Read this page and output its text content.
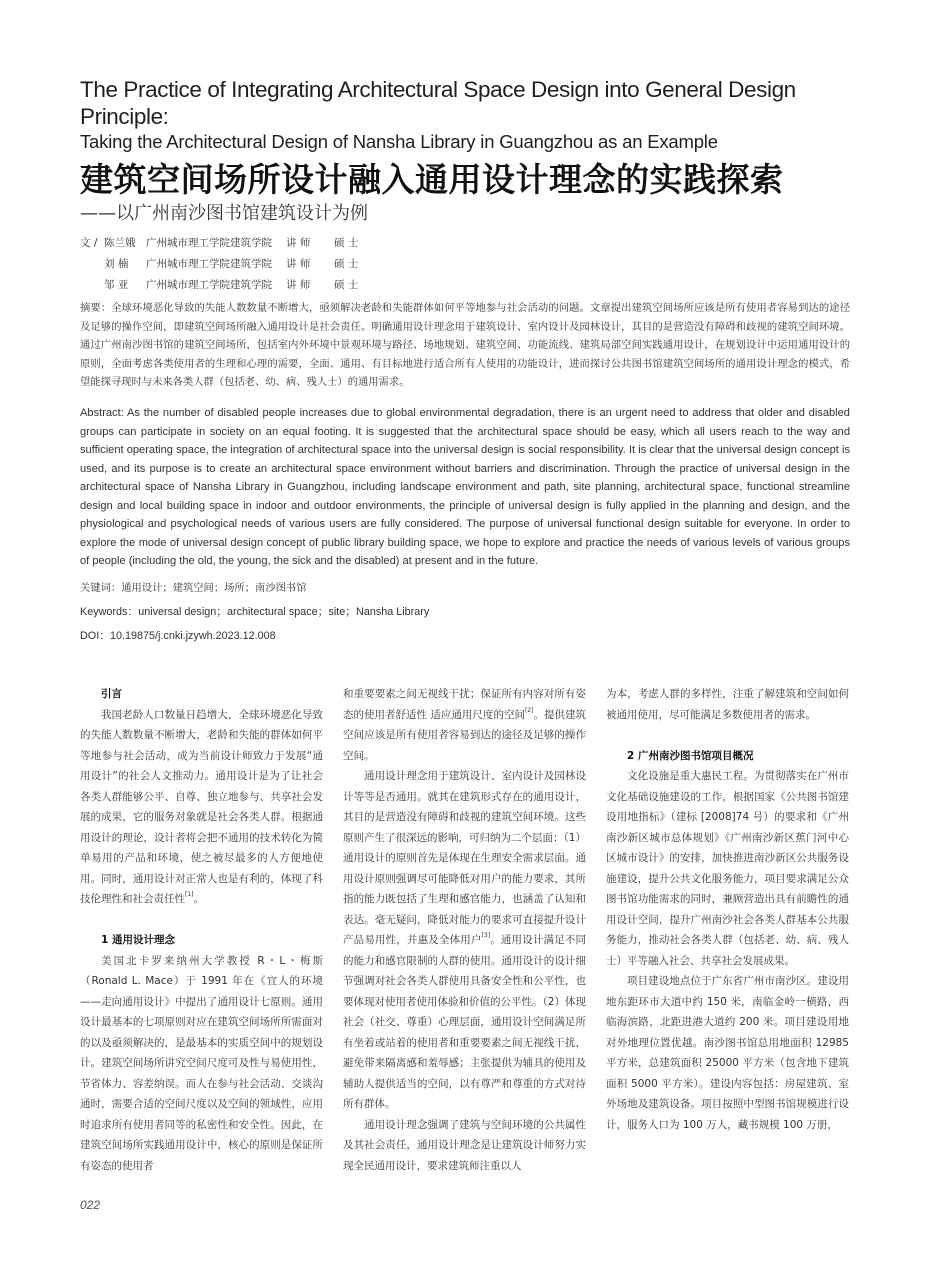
The Practice of Integrating Architectural Space Design into General Design Principle:
Taking the Architectural Design of Nansha Library in Guangzhou as an Example
建筑空间场所设计融入通用设计理念的实践探索
——以广州南沙图书馆建筑设计为例
文 / 陈兰娥	广州城市理工学院建筑学院	讲 师	硕 士
刘 楠	广州城市理工学院建筑学院	讲 师	硕 士
邹 亚	广州城市理工学院建筑学院	讲 师	硕 士
摘要：全球环境恶化导致的失能人数数量不断增大，亟须解决老龄和失能群体如何平等地参与社会活动的问题。文章提出建筑空间场所应该是所有使用者容易到达的途径及足够的操作空间，即建筑空间场所融入通用设计是社会责任。明确通用设计理念用于建筑设计、室内设计及园林设计，其目的是营造没有障碍和歧视的建筑空间环境。通过广州南沙图书馆的建筑空间场所，包括室内外环境中景观环境与路径、场地规划、建筑空间、功能流线、建筑局部空间实践通用设计，在规划设计中运用通用设计的原则，全面考虑各类使用者的生理和心理的需要，全面、通用、有目标地进行适合所有人使用的功能设计，进而探讨公共图书馆建筑空间场所的通用设计理念的模式，希望能探寻现时与未来各类人群（包括老、幼、病、残人士）的通用需求。
Abstract: As the number of disabled people increases due to global environmental degradation, there is an urgent need to address that older and disabled groups can participate in society on an equal footing. It is suggested that the architectural space should be easy, which all users reach to the way and sufficient operating space, the integration of architectural space into the universal design is social responsibility. It is clear that the universal design concept is used, and its purpose is to create an architectural space environment without barriers and discrimination. Through the practice of universal design in the architectural space of Nansha Library in Guangzhou, including landscape environment and path, site planning, architectural space, functional streamline design and local building space in indoor and outdoor environments, the principle of universal design is fully applied in the planning and design, and the physiological and psychological needs of various users are fully considered. The purpose of universal functional design suitable for everyone. In order to explore the mode of universal design concept of public library building space, we hope to explore and practice the needs of various levels of various groups of people (including the old, the young, the sick and the disabled) at present and in the future.
关键词：通用设计；建筑空间；场所；南沙图书馆
Keywords：universal design；architectural space；site；Nansha Library
DOI：10.19875/j.cnki.jzywh.2023.12.008
引言

我国老龄人口数量日趋增大，全球环境恶化导致的失能人数数量不断增大，老龄和失能的群体如何平等地参与社会活动，成为当前设计师致力于发展“通用设计”的社会人文推动力。通用设计是为了让社会各类人群能够公平、自尊、独立地参与、共享社会发展的成果，它的服务对象就是社会各类人群。根据通用设计的理论，设计者将会把不通用的技术转化为简单易用的产品和环境，使之被尽最多的人方便地使用。同时，通用设计对正常人也是有利的，体现了科技伦理性和社会责任性[1]。

1 通用设计理念

美国北卡罗来纳州大学教授 R・L・梅斯（Ronald L. Mace）于 1991 年在《宜人的环境——走向通用设计》中提出了通用设计七原则。通用设计最基本的七项原则对应在建筑空间场所所需面对的以及亟须解决的，是最基本的实质空间中的规划设计。建筑空间场所讲究空间尺度可及性与易使用性，节省体力、容差纳误。而人在参与社会活动、交谈沟通时，需要合适的空间尺度以及空间的领域性，应用时追求所有使用者同等的私密性和安全性。因此，在建筑空间场所实践通用设计中，核心的原则是保证所有姿态的使用者

和重要要素之间无视线干扰；保证所有内容对所有姿态的使用者舒适性 适应通用尺度的空间[2]。提供建筑空间应该是所有使用者容易到达的途径及足够的操作空间。

通用设计理念用于建筑设计、室内设计及园林设计等等是否通用。就其在建筑形式存在的通用设计，其目的是营造没有障碍和歧视的建筑空间环境。这些原则产生了很深远的影响，可归纳为二个层面：（1）通用设计的原则首先是体现在生理安全需求层面。通用设计原则强调尽可能降低对用户的能力要求，其所指的能力既包括了生理和感官能力，也涵盖了认知和表达。毫无疑问，降低对能力的要求可直接提升设计产品易用性，并惠及全体用户[3]。通用设计满足不同的能力和感官限制的人群的使用。通用设计的设计细节强调对社会各类人群使用具备安全性和公平性，也要体现对使用者使用体验和价值的公平性。（2）体现社会（社交、尊重）心理层面，通用设计空间满足所有坐着或站着的使用者和重要要素之间无视线干扰，避免带来隔离感和羞辱感；主张提供为辅具的使用及辅助人提供适当的空间，以有尊严和尊重的方式对待所有群体。

通用设计理念强调了建筑与空间环境的公共属性及其社会责任，通用设计理念是让建筑设计师努力实现全民通用设计，要求建筑师注重以人

为本，考虑人群的多样性，注重了解建筑和空间如何被通用使用，尽可能满足多数使用者的需求。

2 广州南沙图书馆项目概况

文化设施是重大惠民工程。为贯彻落实在广州市文化基础设施建设的工作，根据国家《公共图书馆建设用地指标》（建标 [2008]74 号）的要求和《广州南沙新区城市总体规划》《广州南沙新区蕉门河中心区城市设计》的安排，加快推进南沙新区公共服务设施建设，提升公共文化服务能力，项目要求满足公众图书馆功能需求的同时，兼顾营造出具有前瞻性的通用设计空间，提升广州南沙社会各类人群基本公共服务能力，推动社会各类人群（包括老、幼、病、残人士）平等融入社会、共享社会发展成果。

项目建设地点位于广东省广州市南沙区。建设用地东距环市大道中约 150 米，南临金岭一横路，西临海滨路，北距进港大道约 200 米。项目建设用地对外地理位置优越。南沙图书馆总用地面积 12985 平方米，总建筑面积 25000 平方米（包含地下建筑面积 5000 平方米）。建设内容包括：房屋建筑、室外场地及建筑设备。项目按照中型图书馆规模进行设计，服务人口为 100 万人，藏书规模 100 万册，

022
